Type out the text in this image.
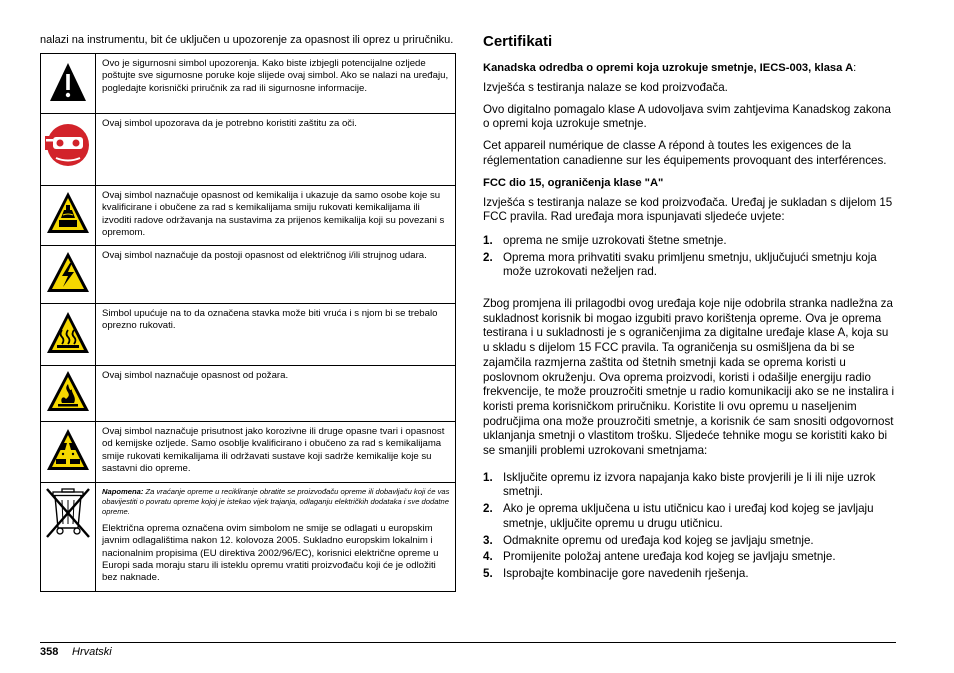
nalazi na instrumentu, bit će uključen u upozorenje za opasnost ili oprez u priručniku.

	Ovo je sigurnosni simbol upozorenja. Kako biste izbjegli potencijalne ozljede poštujte sve sigurnosne poruke koje slijede ovaj simbol. Ako se nalazi na uređaju, pogledajte korisnički priručnik za rad ili sigurnosne informacije.

	Ovaj simbol upozorava da je potrebno koristiti zaštitu za oči.

	Ovaj simbol naznačuje opasnost od kemikalija i ukazuje da samo osobe koje su kvalificirane i obučene za rad s kemikalijama smiju rukovati kemikalijama ili izvoditi radove održavanja na sustavima za prijenos kemikalija koji su povezani s opremom.

	Ovaj simbol naznačuje da postoji opasnost od električnog i/ili strujnog udara.

	Simbol upućuje na to da označena stavka može biti vruća i s njom bi se trebalo oprezno rukovati.

	Ovaj simbol naznačuje opasnost od požara.

	Ovaj simbol naznačuje prisutnost jako korozivne ili druge opasne tvari i opasnost od kemijske ozljede. Samo osoblje kvalificirano i obučeno za rad s kemikalijama smije rukovati kemikalijama ili održavati sustave koji sadrže kemikalije koje su sastavni dio opreme.

Napomena: Za vraćanje opreme u recikliranje obratite se proizvođaču opreme ili dobavljaču koji će vas obavijestiti o povratu opreme kojoj je istekao vijek trajanja, odlaganju električkih dodataka i sve dodatne opreme.

Električna oprema označena ovim simbolom ne smije se odlagati u europskim javnim odlagalištima nakon 12. kolovoza 2005. Sukladno europskim lokalnim i nacionalnim propisima (EU direktiva 2002/96/EC), korisnici električne opreme u Europi sada moraju staru ili isteklu opremu vratiti proizvođaču koji će je odložiti bez naknade.
Certifikati
Kanadska odredba o opremi koja uzrokuje smetnje, IECS-003, klasa A:

Izvješća s testiranja nalaze se kod proizvođača.

Ovo digitalno pomagalo klase A udovoljava svim zahtjevima Kanadskog zakona o opremi koja uzrokuje smetnje.

Cet appareil numérique de classe A répond à toutes les exigences de la réglementation canadienne sur les équipements provoquant des interférences.

FCC dio 15, ograničenja klase "A"

Izvješća s testiranja nalaze se kod proizvođača. Uređaj je sukladan s dijelom 15 FCC pravila. Rad uređaja mora ispunjavati sljedeće uvjete:

1. oprema ne smije uzrokovati štetne smetnje.
2. Oprema mora prihvatiti svaku primljenu smetnju, uključujući smetnju koja može uzrokovati neželjen rad.

Zbog promjena ili prilagodbi ovog uređaja koje nije odobrila stranka nadležna za sukladnost korisnik bi mogao izgubiti pravo korištenja opreme. Ova je oprema testirana i u sukladnosti je s ograničenjima za digitalne uređaje klase A, koja su u skladu s dijelom 15 FCC pravila. Ta ograničenja su osmišljena da bi se zajamčila razmjerna zaštita od štetnih smetnji kada se oprema koristi u poslovnom okruženju. Ova oprema proizvodi, koristi i odašilje energiju radio frekvencije, te može prouzročiti smetnje u radio komunikaciji ako se ne instalira i koristi prema korisničkom priručniku. Koristite li ovu opremu u naseljenim područjima ona može prouzročiti smetnje, a korisnik će sam snositi odgovornost uklanjanja smetnji o vlastitom trošku. Sljedeće tehnike mogu se koristiti kako bi se smanjili problemi uzrokovani smetnjama:

1. Isključite opremu iz izvora napajanja kako biste provjerili je li ili nije uzrok smetnji.
2. Ako je oprema uključena u istu utičnicu kao i uređaj kod kojeg se javljaju smetnje, uključite opremu u drugu utičnicu.
3. Odmaknite opremu od uređaja kod kojeg se javljaju smetnje.
4. Promijenite položaj antene uređaja kod kojeg se javljaju smetnje.
5. Isprobajte kombinacije gore navedenih rješenja.
358 Hrvatski
